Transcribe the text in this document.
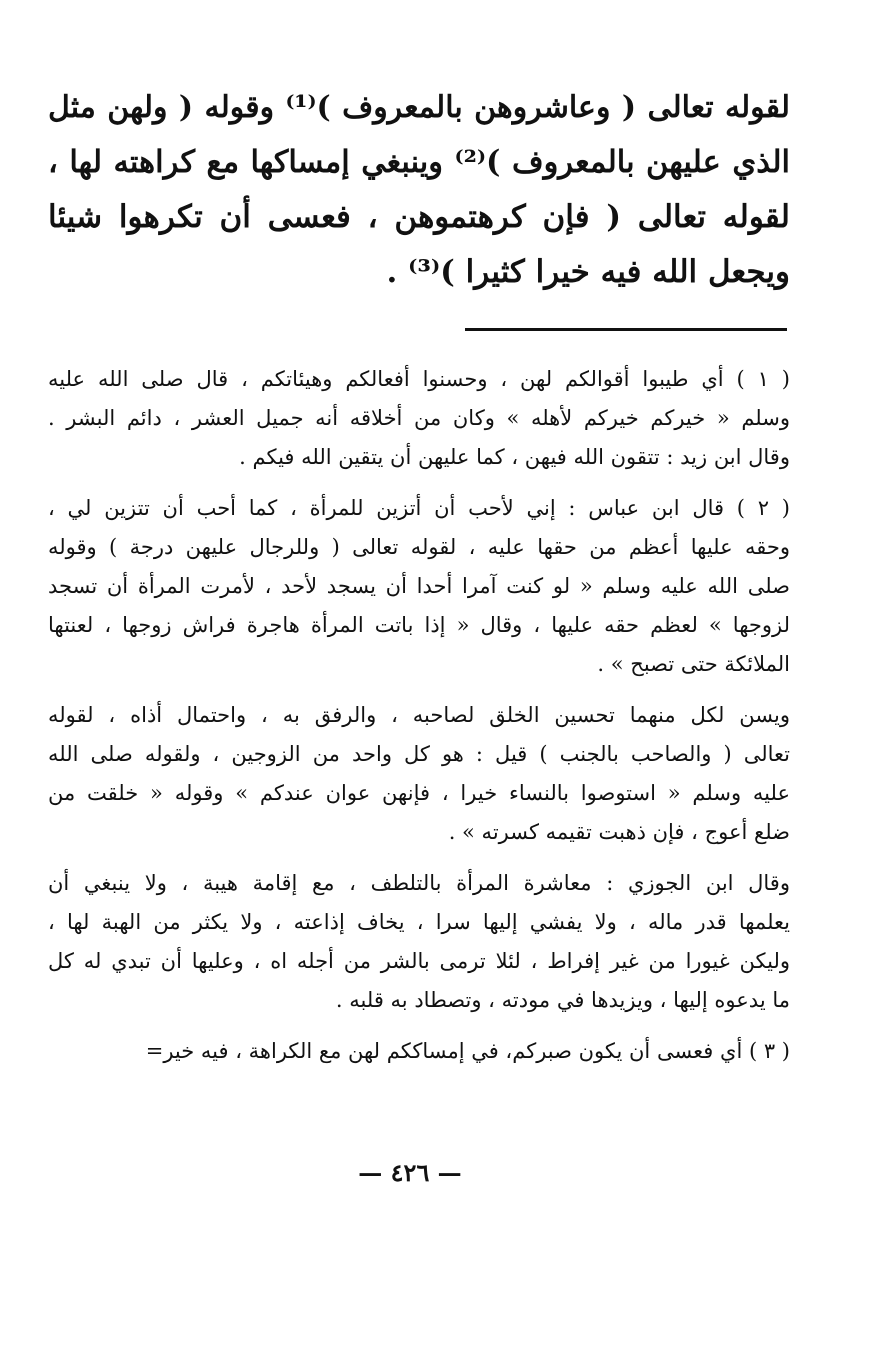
لقوله تعالى ( وعاشروهن بالمعروف )⁽¹⁾ وقوله ( ولهن مثل
الذي عليهن بالمعروف )⁽²⁾ وينبغي إمساكها مع كراهته لها ،
لقوله تعالى ( فإن كرهتموهن ، فعسى أن تكرهوا شيئا
ويجعل الله فيه خيرا كثيرا )⁽³⁾ .
( ١ ) أي طيبوا أقوالكم لهن ، وحسنوا أفعالكم وهيئاتكم ، قال صلى الله عليه
وسلم « خيركم خيركم لأهله » وكان من أخلاقه أنه جميل العشر ، دائم البشر .
وقال ابن زيد : تتقون الله فيهن ، كما عليهن أن يتقين الله فيكم .
( ٢ ) قال ابن عباس : إني لأحب أن أتزين للمرأة ، كما أحب أن تتزين لي ،
وحقه عليها أعظم من حقها عليه ، لقوله تعالى ( وللرجال عليهن درجة ) وقوله
صلى الله عليه وسلم « لو كنت آمرا أحدا أن يسجد لأحد ، لأمرت المرأة أن تسجد
لزوجها » لعظم حقه عليها ، وقال « إذا باتت المرأة هاجرة فراش زوجها ، لعنتها
الملائكة حتى تصبح » .
ويسن لكل منهما تحسين الخلق لصاحبه ، والرفق به ، واحتمال أذاه ، لقوله
تعالى ( والصاحب بالجنب ) قيل : هو كل واحد من الزوجين ، ولقوله صلى الله
عليه وسلم « استوصوا بالنساء خيرا ، فإنهن عوان عندكم » وقوله « خلقت من
ضلع أعوج ، فإن ذهبت تقيمه كسرته » .
وقال ابن الجوزي : معاشرة المرأة بالتلطف ، مع إقامة هيبة ، ولا ينبغي أن
يعلمها قدر ماله ، ولا يفشي إليها سرا ، يخاف إذاعته ، ولا يكثر من الهبة لها ،
وليكن غيورا من غير إفراط ، لئلا ترمى بالشر من أجله اه ، وعليها أن تبدي له كل
ما يدعوه إليها ، ويزيدها في مودته ، وتصطاد به قلبه .
( ٣ ) أي فعسى أن يكون صبركم، في إمساككم لهن مع الكراهة ، فيه خير=
— ٤٢٦ —
